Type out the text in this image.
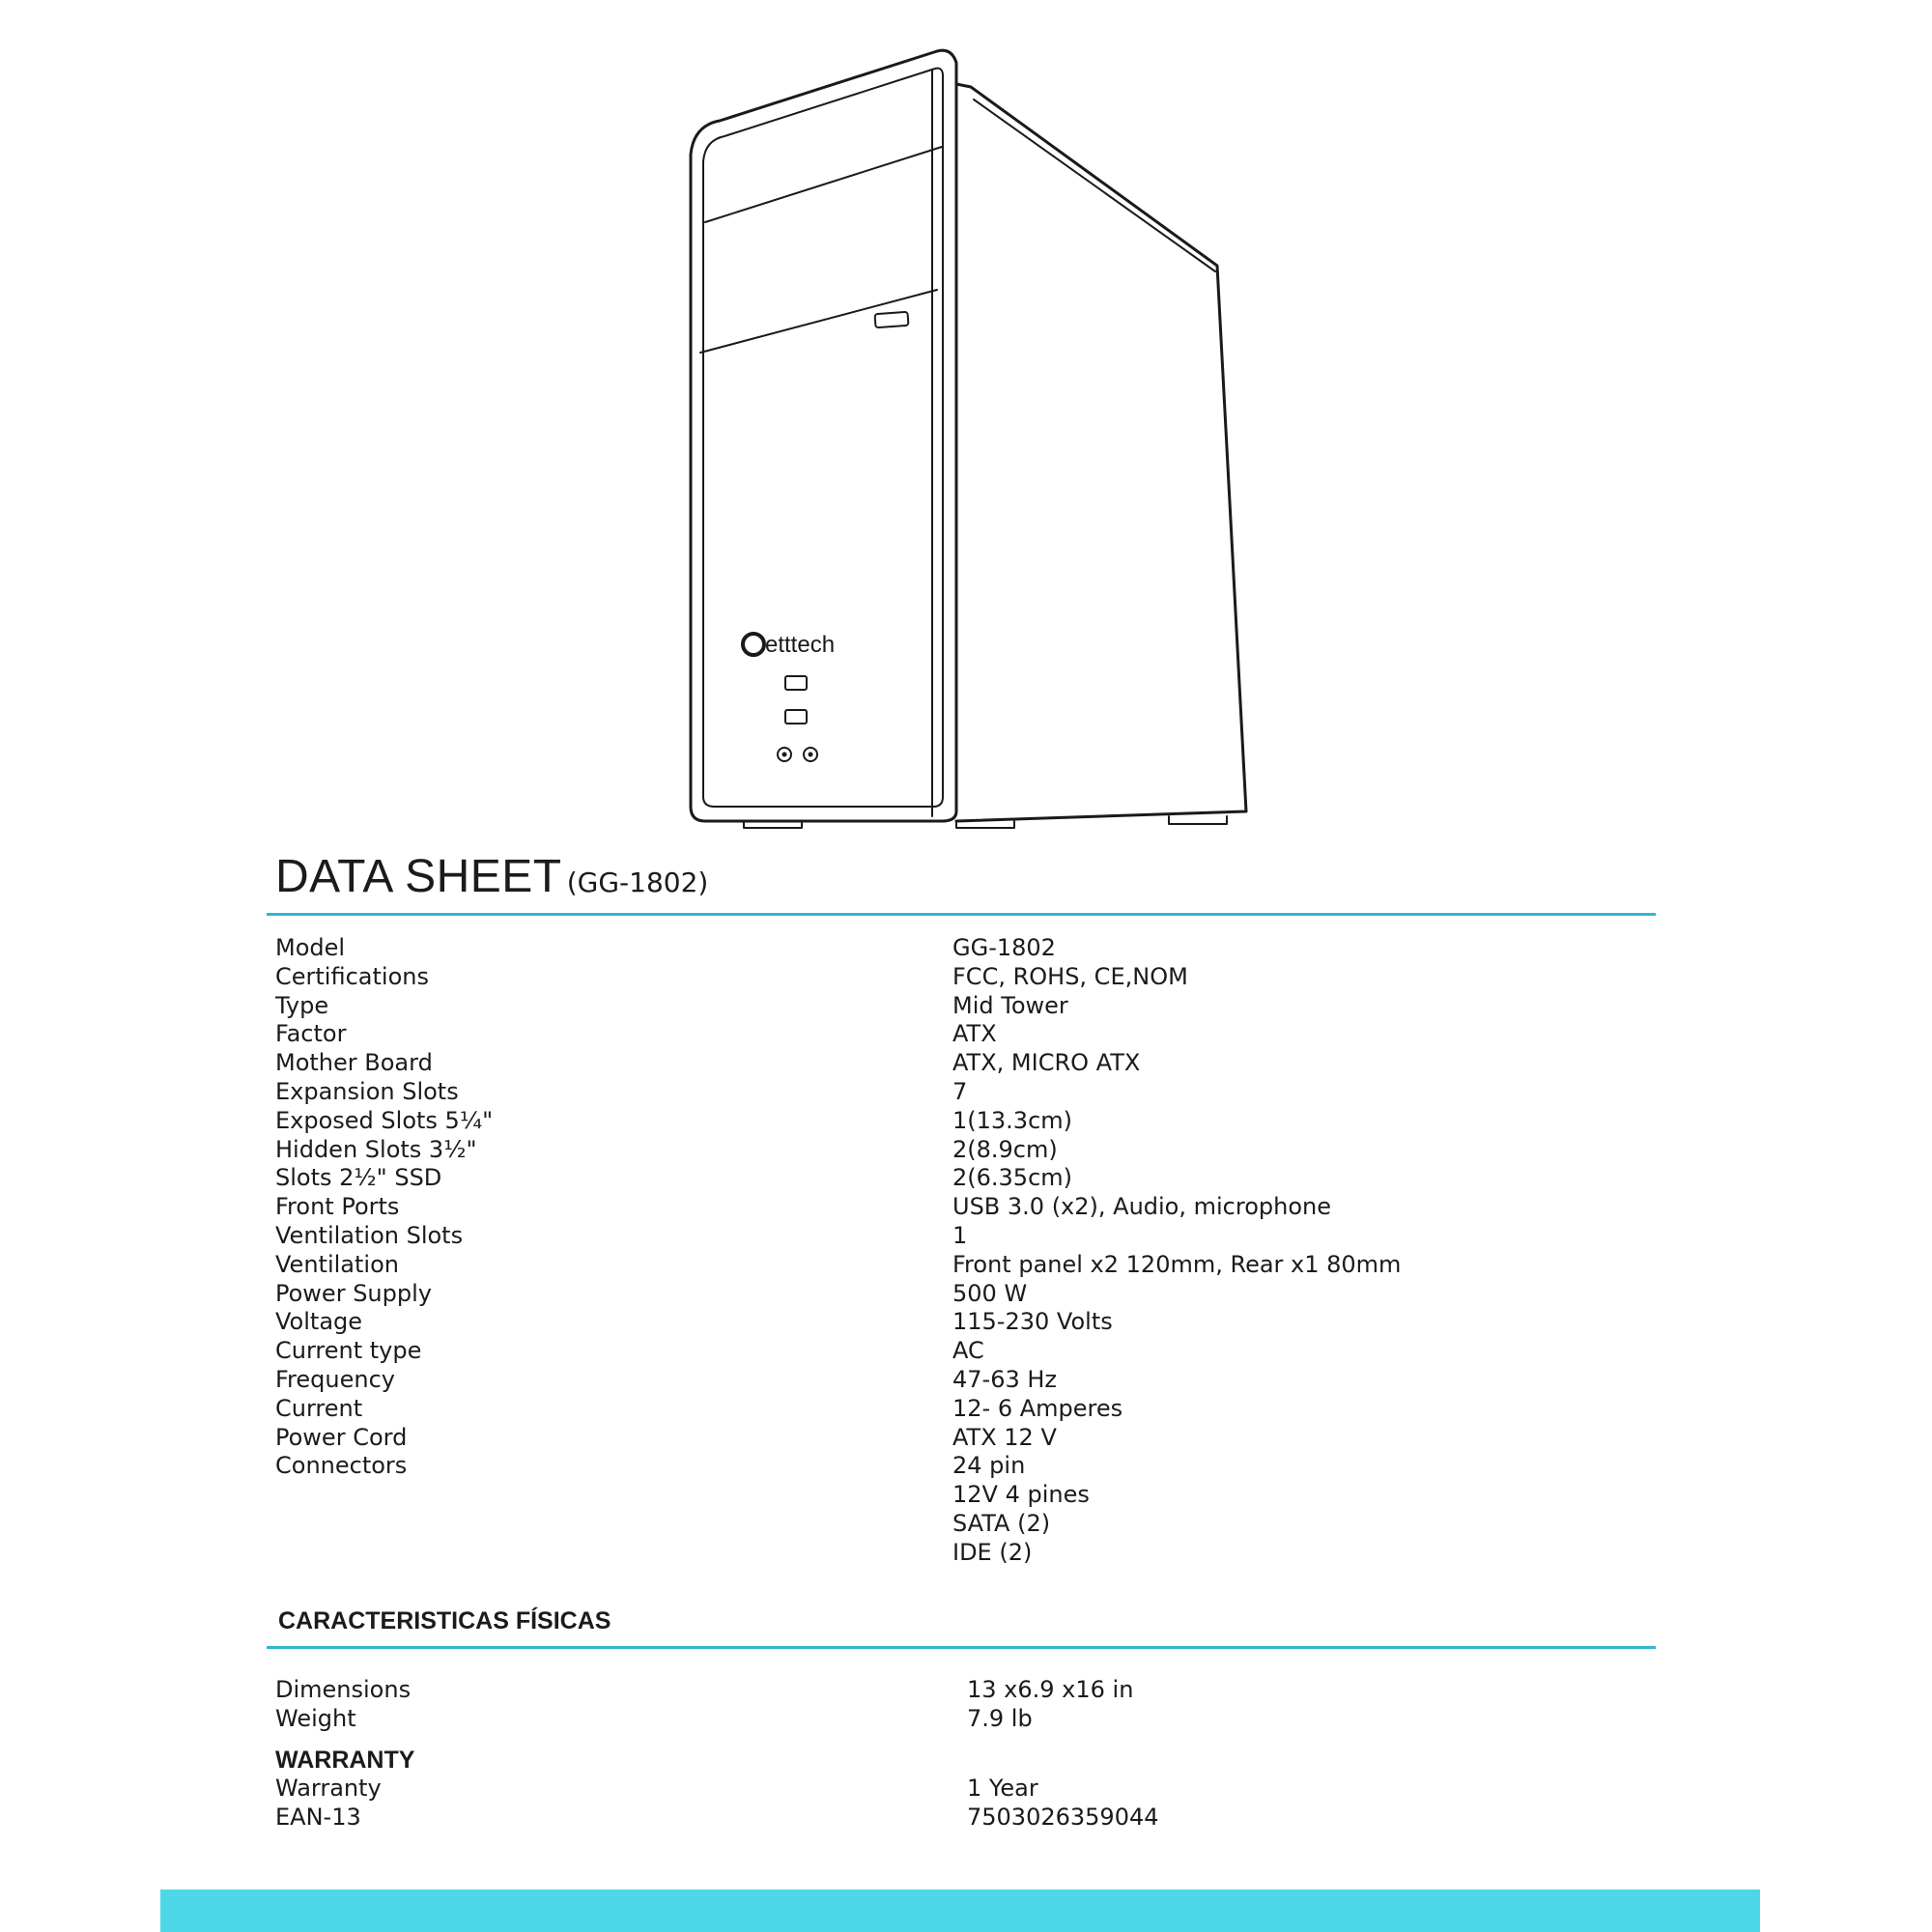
etttech
DATA SHEET (GG-1802)
Model	GG-1802
Certifications	FCC, ROHS, CE,NOM
Type	Mid Tower
Factor	ATX
Mother Board	ATX, MICRO ATX
Expansion Slots	7
Exposed Slots 5¼"	1(13.3cm)
Hidden Slots 3½"	2(8.9cm)
Slots 2½" SSD	2(6.35cm)
Front Ports	USB 3.0 (x2), Audio, microphone
Ventilation Slots	1
Ventilation	Front panel x2 120mm, Rear x1 80mm
Power Supply	500 W
Voltage	115-230 Volts
Current type	AC
Frequency	47-63 Hz
Current	12- 6 Amperes
Power Cord	ATX 12 V
Connectors	24 pin
12V 4 pines
SATA (2)
IDE (2)
CARACTERISTICAS FÍSICAS
Dimensions	13 x6.9 x16 in
Weight	7.9 lb
WARRANTY
Warranty	1 Year
EAN-13	7503026359044
